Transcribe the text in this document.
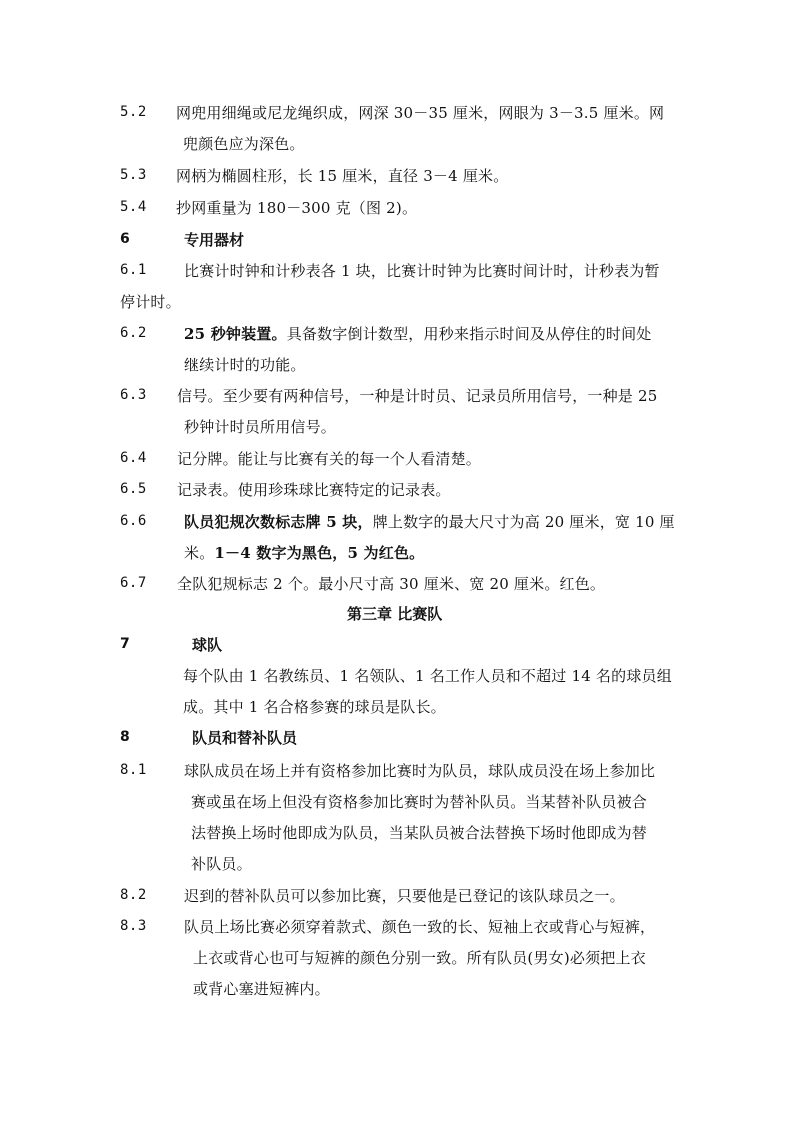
5.2 网兜用细绳或尼龙绳织成，网深 30－35 厘米，网眼为 3－3.5 厘米。网
兜颜色应为深色。
5.3 网柄为椭圆柱形，长 15 厘米，直径 3－4 厘米。
5.4 抄网重量为 180－300 克（图 2)。
6	专用器材
6.1 比赛计时钟和计秒表各 1 块，比赛计时钟为比赛时间计时，计秒表为暂
停计时。
6.2 25 秒钟装置。具备数字倒计数型，用秒来指示时间及从停住的时间处
继续计时的功能。
6.3 信号。至少要有两种信号，一种是计时员、记录员所用信号，一种是 25
秒钟计时员所用信号。
6.4 记分牌。能让与比赛有关的每一个人看清楚。
6.5 记录表。使用珍珠球比赛特定的记录表。
6.6 队员犯规次数标志牌 5 块，牌上数字的最大尺寸为高 20 厘米，宽 10 厘
米。1－4 数字为黑色，5 为红色。
6.7 全队犯规标志 2 个。最小尺寸高 30 厘米、宽 20 厘米。红色。
第三章 比赛队
7	球队
每个队由 1 名教练员、1 名领队、1 名工作人员和不超过 14 名的球员组
成。其中 1 名合格参赛的球员是队长。
8	队员和替补队员
8.1 球队成员在场上并有资格参加比赛时为队员，球队成员没在场上参加比
赛或虽在场上但没有资格参加比赛时为替补队员。当某替补队员被合
法替换上场时他即成为队员，当某队员被合法替换下场时他即成为替
补队员。
8.2 迟到的替补队员可以参加比赛，只要他是已登记的该队球员之一。
8.3 队员上场比赛必须穿着款式、颜色一致的长、短袖上衣或背心与短裤，
上衣或背心也可与短裤的颜色分别一致。所有队员(男女)必须把上衣
或背心塞进短裤内。
